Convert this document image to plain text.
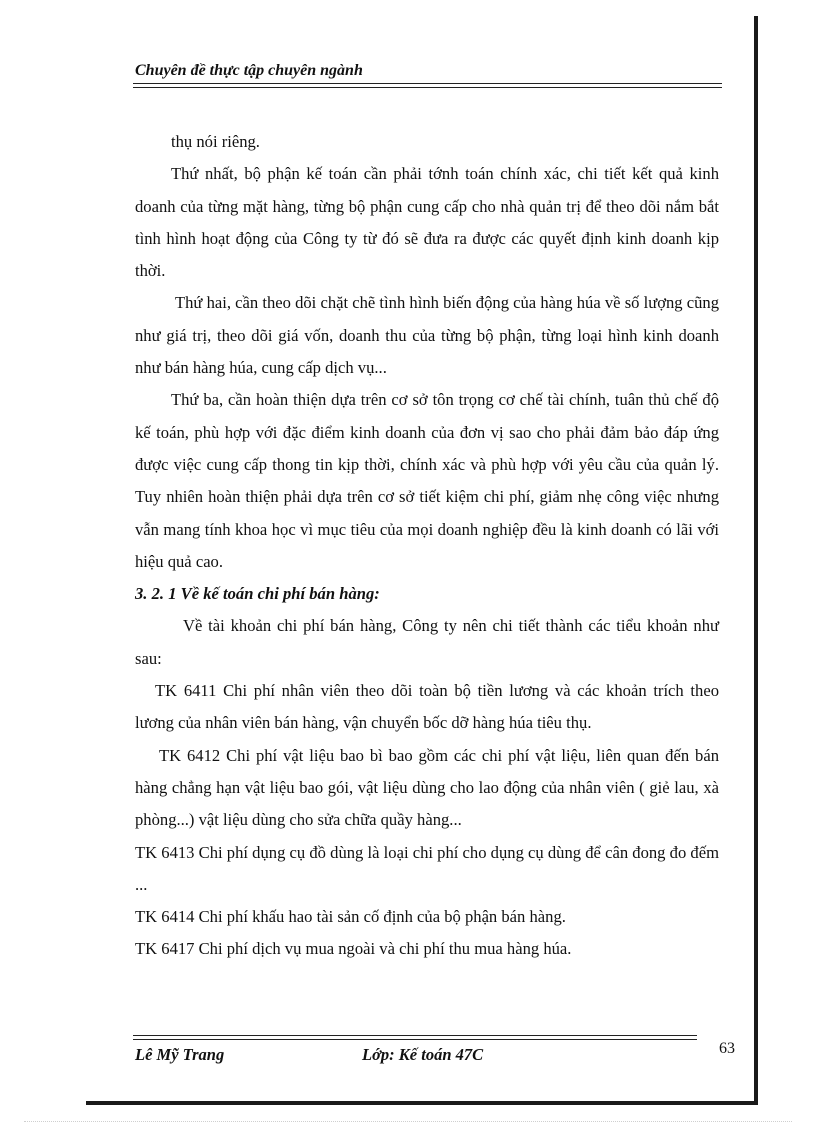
Chuyên đề thực tập chuyên ngành

thụ nói riêng.

Thứ nhất, bộ phận kế toán cần phải tớnh toán chính xác, chi tiết kết quả kinh doanh của từng mặt hàng, từng bộ phận cung cấp cho nhà quản trị để theo dõi nắm bắt tình hình hoạt động của Công ty từ đó sẽ đưa ra được các quyết định kinh doanh kịp thời.

Thứ hai, cần theo dõi chặt chẽ tình hình biến động của hàng húa về số lượng cũng như giá trị, theo dõi giá vốn, doanh thu của từng bộ phận, từng loại hình kinh doanh như bán hàng húa, cung cấp dịch vụ...

Thứ ba, cần hoàn thiện dựa trên cơ sở tôn trọng cơ chế tài chính, tuân thủ chế độ kế toán, phù hợp với đặc điểm kinh doanh của đơn vị sao cho phải đảm bảo đáp ứng được việc cung cấp thong tin kịp thời, chính xác và phù hợp với yêu cầu của quản lý. Tuy nhiên hoàn thiện phải dựa trên cơ sở tiết kiệm chi phí, giảm nhẹ công việc nhưng vẫn mang tính khoa học vì mục tiêu của mọi doanh nghiệp đều là kinh doanh có lãi với hiệu quả cao.

3. 2. 1 Về kế toán chi phí bán hàng:

Về tài khoản chi phí bán hàng, Công ty nên chi tiết thành các tiểu khoản như sau:

TK 6411 Chi phí nhân viên theo dõi toàn bộ tiền lương và các khoản trích theo lương của nhân viên bán hàng, vận chuyển bốc dỡ hàng húa tiêu thụ.

TK 6412 Chi phí vật liệu bao bì bao gồm các chi phí vật liệu, liên quan đến bán hàng chẳng hạn vật liệu bao gói, vật liệu dùng cho lao động của nhân viên ( giẻ lau, xà phòng...) vật liệu dùng cho sửa chữa quầy hàng...

TK 6413 Chi phí dụng cụ đồ dùng là loại chi phí cho dụng cụ dùng để cân đong đo đếm ...

TK 6414 Chi phí khấu hao tài sản cố định của bộ phận bán hàng.

TK 6417 Chi phí dịch vụ mua ngoài và chi phí thu mua hàng húa.

Lê Mỹ Trang	Lớp: Kế toán 47C	63
